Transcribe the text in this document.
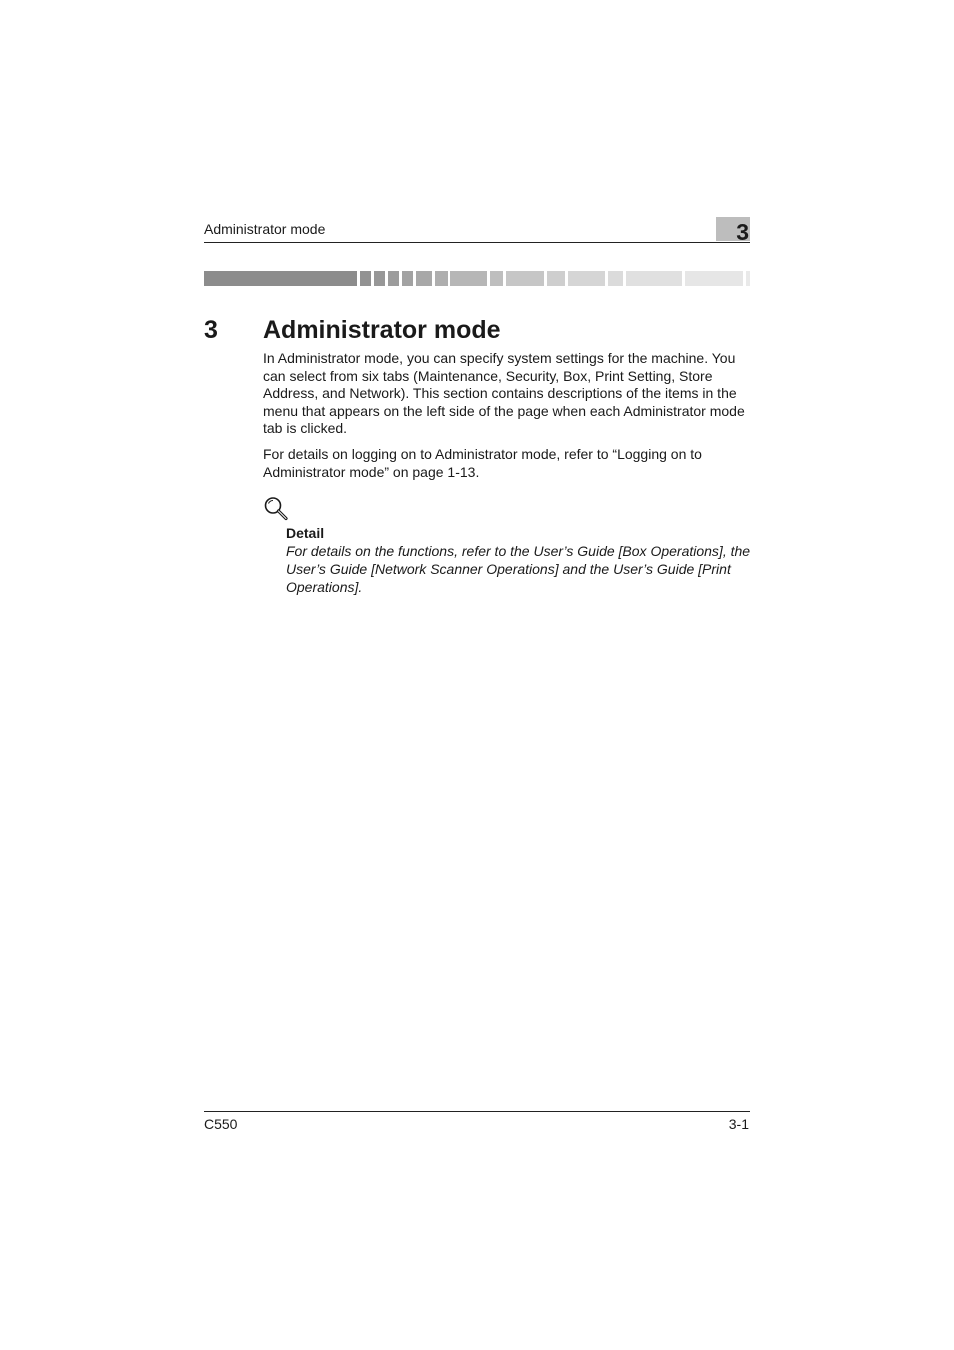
Administrator mode	3
3 Administrator mode

In Administrator mode, you can specify system settings for the machine. You can select from six tabs (Maintenance, Security, Box, Print Setting, Store Address, and Network). This section contains descriptions of the items in the menu that appears on the left side of the page when each Administrator mode tab is clicked.

For details on logging on to Administrator mode, refer to “Logging on to Administrator mode” on page 1-13.

Detail

For details on the functions, refer to the User’s Guide [Box Operations], the User’s Guide [Network Scanner Operations] and the User’s Guide [Print Operations].

C550	3-1
